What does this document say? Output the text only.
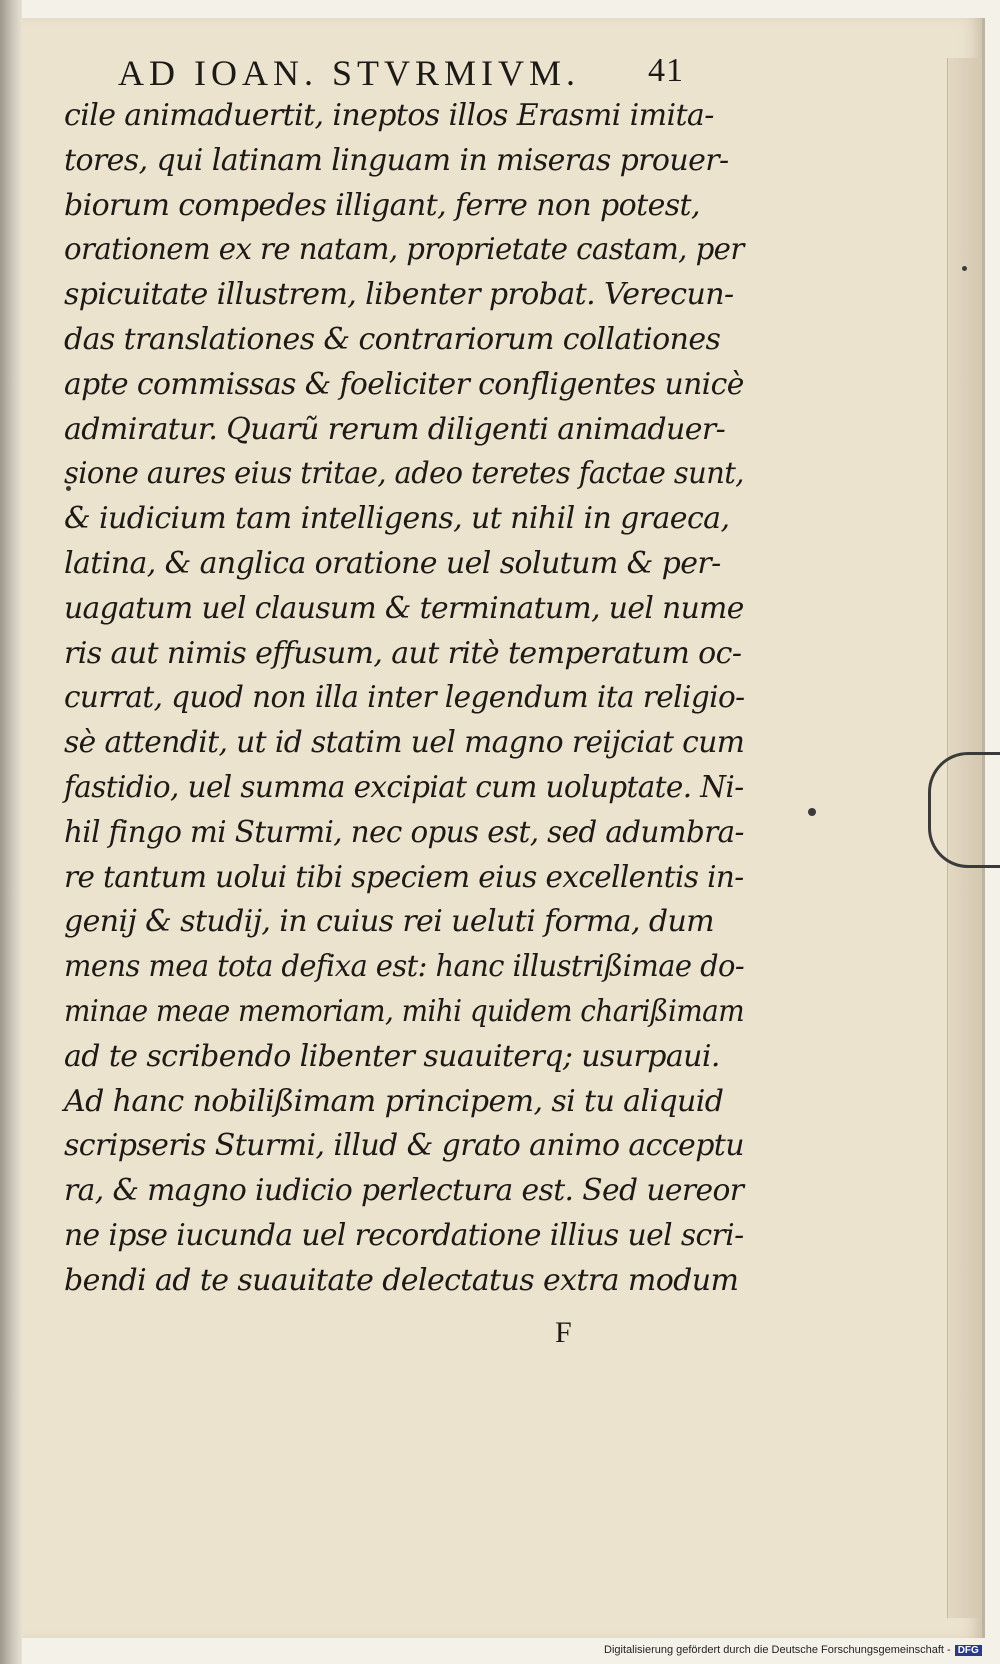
AD IOAN. STVRMIVM. 41
cile animaduertit, ineptos illos Erasmi imita-
tores, qui latinam linguam in miseras prouer-
biorum compedes illigant, ferre non potest,
orationem ex re natam, proprietate castam, per
spicuitate illustrem, libenter probat. Verecun-
das translationes & contrariorum collationes
apte commissas & foeliciter confligentes unicè
admiratur. Quarũ rerum diligenti animaduer-
sione aures eius tritae, adeo teretes factae sunt,
& iudicium tam intelligens, ut nihil in graeca,
latina, & anglica oratione uel solutum & per-
uagatum uel clausum & terminatum, uel nume
ris aut nimis effusum, aut ritè temperatum oc-
currat, quod non illa inter legendum ita religio-
sè attendit, ut id statim uel magno reijciat cum
fastidio, uel summa excipiat cum uoluptate. Ni-
hil fingo mi Sturmi, nec opus est, sed adumbra-
re tantum uolui tibi speciem eius excellentis in-
genij & studij, in cuius rei ueluti forma, dum
mens mea tota defixa est: hanc illustrißimae do-
minae meae memoriam, mihi quidem charißimam
ad te scribendo libenter suauiterq; usurpaui.
Ad hanc nobilißimam principem, si tu aliquid
scripseris Sturmi, illud & grato animo acceptu
ra, & magno iudicio perlectura est. Sed uereor
ne ipse iucunda uel recordatione illius uel scri-
bendi ad te suauitate delectatus extra modum
F
Digitalisierung gefördert durch die Deutsche Forschungsgemeinschaft - DFG
